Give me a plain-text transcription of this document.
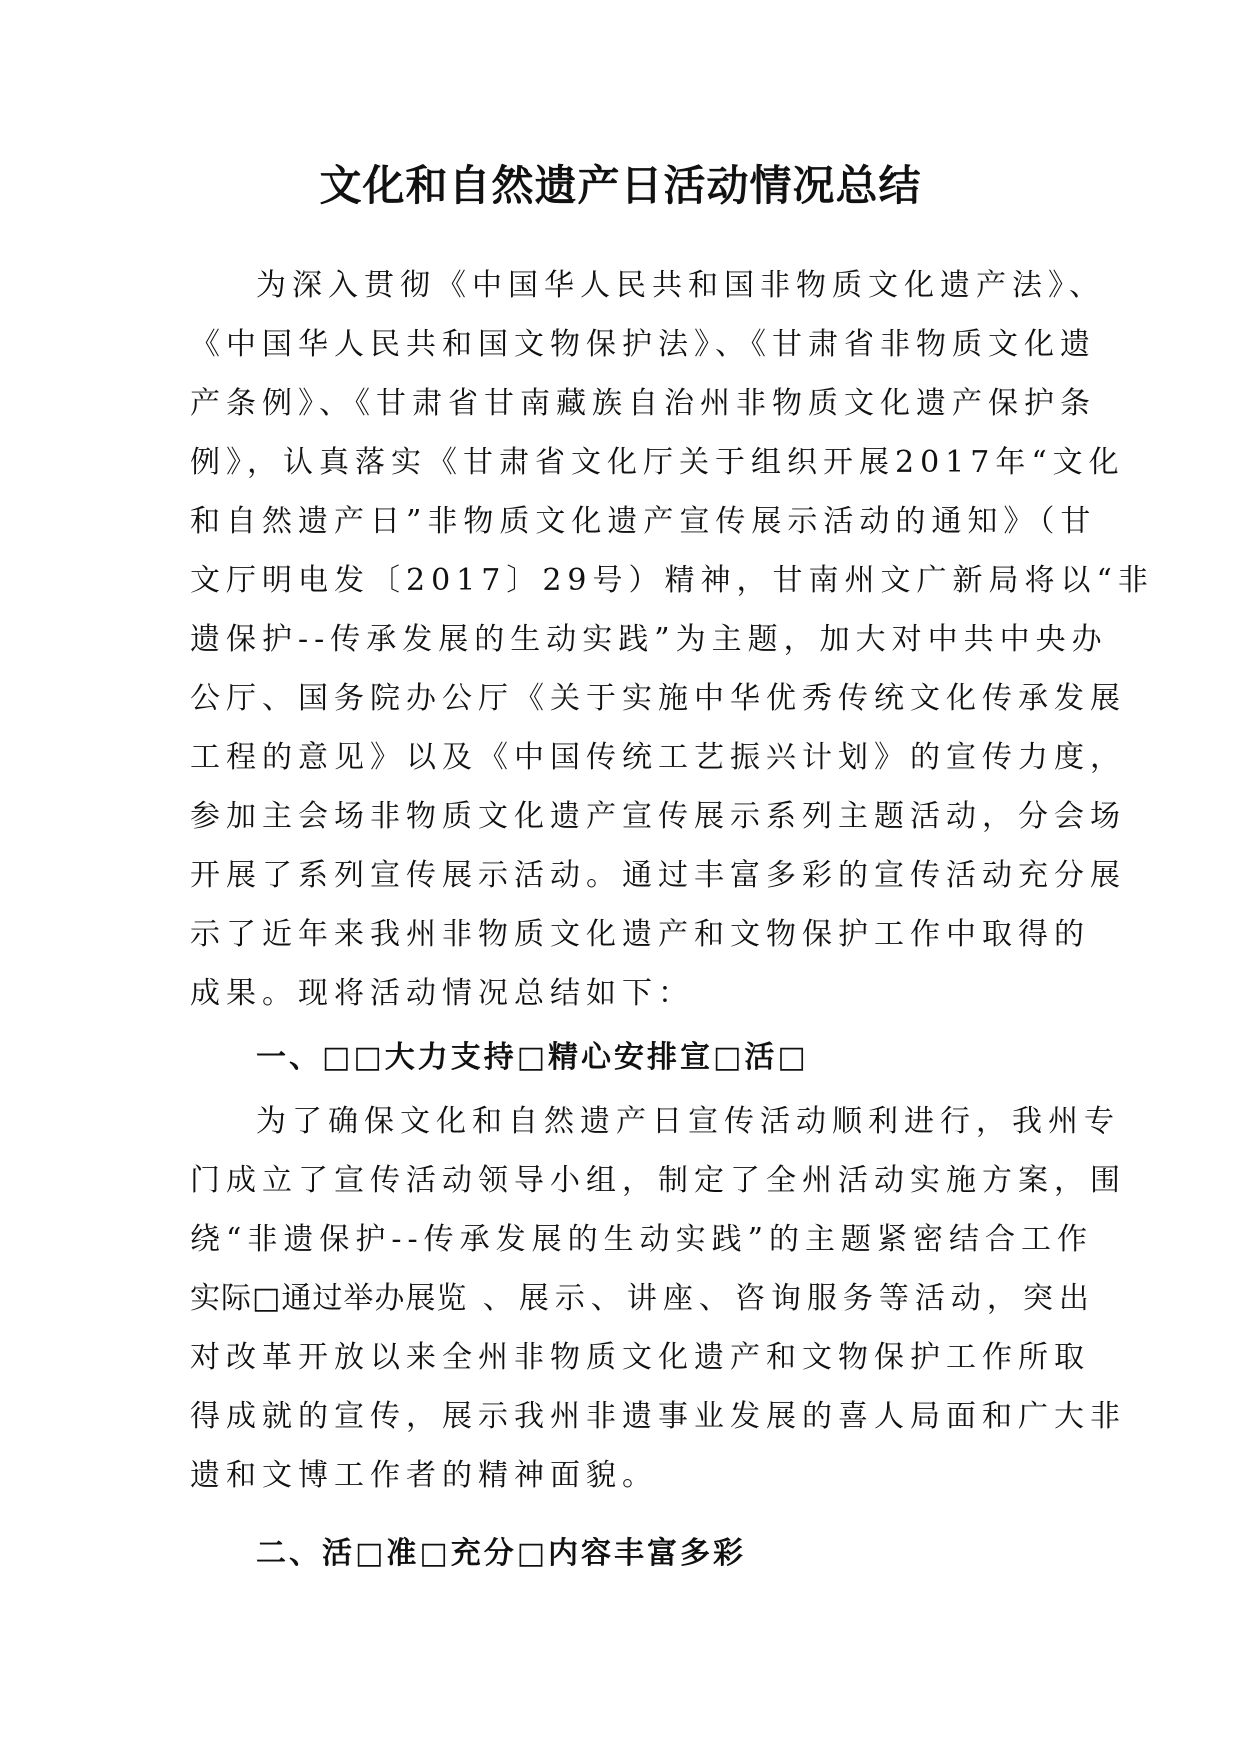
文化和自然遗产日活动情况总结
为深入贯彻《中国华人民共和国非物质文化遗产法》、
《中国华人民共和国文物保护法》、《甘肃省非物质文化遗
产条例》、《甘肃省甘南藏族自治州非物质文化遗产保护条
例》，认真落实《甘肃省文化厅关于组织开展2017年“文化
和自然遗产日”非物质文化遗产宣传展示活动的通知》（甘
文厅明电发〔2017〕29号）精神，甘南州文广新局将以“非
遗保护--传承发展的生动实践”为主题，加大对中共中央办
公厅、国务院办公厅《关于实施中华优秀传统文化传承发展
工程的意见》以及《中国传统工艺振兴计划》的宣传力度，
参加主会场非物质文化遗产宣传展示系列主题活动，分会场
开展了系列宣传展示活动。通过丰富多彩的宣传活动充分展
示了近年来我州非物质文化遗产和文物保护工作中取得的
成果。现将活动情况总结如下：
一、□□大力支持□精心安排宣□活□
为了确保文化和自然遗产日宣传活动顺利进行，我州专
门成立了宣传活动领导小组，制定了全州活动实施方案，围
绕“非遗保护--传承发展的生动实践”的主题紧密结合工作
实际□通过举办展览 、展示、讲座、咨询服务等活动，突出
对改革开放以来全州非物质文化遗产和文物保护工作所取
得成就的宣传，展示我州非遗事业发展的喜人局面和广大非
遗和文博工作者的精神面貌。
二、活□准□充分□内容丰富多彩
